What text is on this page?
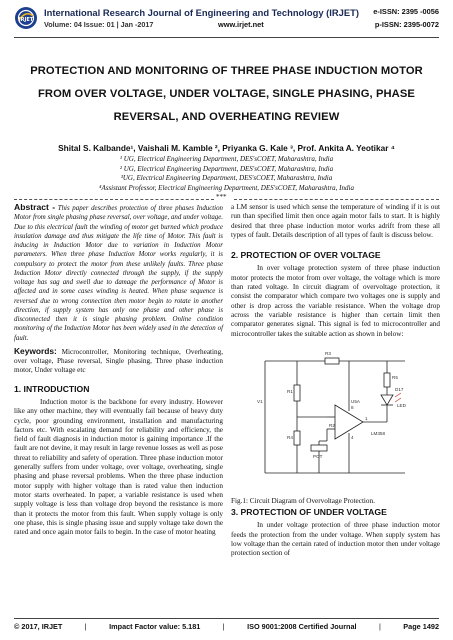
IRJET
International Research Journal of Engineering and Technology (IRJET)
Volume: 04 Issue: 01 | Jan -2017	www.irjet.net
e-ISSN: 2395 -0056
p-ISSN: 2395-0072
PROTECTION AND MONITORING OF THREE PHASE INDUCTION MOTOR
FROM OVER VOLTAGE, UNDER VOLTAGE, SINGLE PHASING, PHASE
REVERSAL, AND OVERHEATING REVIEW
Shital S. Kalbande¹, Vaishali M. Kamble ², Priyanka G. Kale ³, Prof. Ankita A. Yeotikar ⁴
¹ UG, Electrical Engineering Department, DES'sCOET, Maharashtra, India
² UG, Electrical Engineering Department, DES'sCOET, Maharashtra, India
³UG, Electrical Engineering Department, DES'sCOET, Maharashtra, India
⁴Assistant Professor, Electrical Engineering Department, DES'sCOET, Maharashtra, India
***
Abstract - This paper describes protection of three phases Induction Motor from single phasing phase reversal, over voltage, and under voltage. Due to this electrical fault the winding of motor get burned which produce insulation damage and thus mitigate the life time of Motor. This fault is inducing in Induction Motor due to variation in Induction Motor parameters. When three phase Induction Motor works regularly, it is compulsory to protect the motor from these unlikely faults. Three phase Induction Motor directly connected through the supply, if the supply voltage has sag and swell due to damage the performance of Motor is affected and in some cases winding is heated. When phase sequence is reversed due to wrong connection then motor begin to rotate in another direction, if supply system has only one phase and other phase is disconnected then it is single phasing problem. Online condition monitoring of the Induction Motor has been widely used in the detection of fault.
Keywords: Microcontroller, Monitoring technique, Overheating, over voltage, Phase reversal, Single phasing, Three phase induction motor, Under voltage etc
1. INTRODUCTION
Induction motor is the backbone for every industry. However like any other machine, they will eventually fail because of heavy duty cycle, poor grounding environment, installation and manufacturing factors etc. With escalating demand for reliability and efficiency, the field of fault diagnosis in induction motor is gaining importance .If the fault are not devine, it may result in large revenue losses as well as pose threat to reliability and safety of operation. Three phase induction motor generally suffers from under voltage, over voltage, overheating, single phasing and phase reversal problems. When the three phase induction motor supply with higher voltage than is rated value then induction motor starts overheated. In paper, a variable resistance is used when supply voltage is less than voltage drop beyond the resistance is more than it protects the motor from this fault. When supply voltage is only one phase, this is single phasing issue and supply voltage take down the rated and once again motor fails to begin. In the case of motor heating
a LM sensor is used which sense the temperature of winding if it is out run than specified limit then once again motor fails to start. It is highly desired that three phase induction motor works adrift from these all types of fault. Details description of all types of fault is discuss below.
2. PROTECTION OF OVER VOLTAGE
In over voltage protection system of three phase induction motor protects the motor from over voltage, the voltage which is more than rated voltage. In circuit diagram of overvoltage protection, it consist the comparator which compare two voltages one is supply and other is drop across the variable resistance. When the voltage drop across the variable resistance is higher than certain limit then comparator generates signal. This signal is fed to microcontroller and microcontroller takes the suitable action as shown in below:
R3
R1
R4
R5
R2
POT
D17
LED
U5A
LM358
V1
8
4
1
Fig.1: Circuit Diagram of Overvoltage Protection.
3. PROTECTION OF UNDER VOLTAGE
In under voltage protection of three phase induction motor feeds the protection from the under voltage. When supply system has low voltage than the certain rated of induction motor then under voltage protection section of
© 2017, IRJET	|	Impact Factor value: 5.181	|	ISO 9001:2008 Certified Journal	|	Page 1492
